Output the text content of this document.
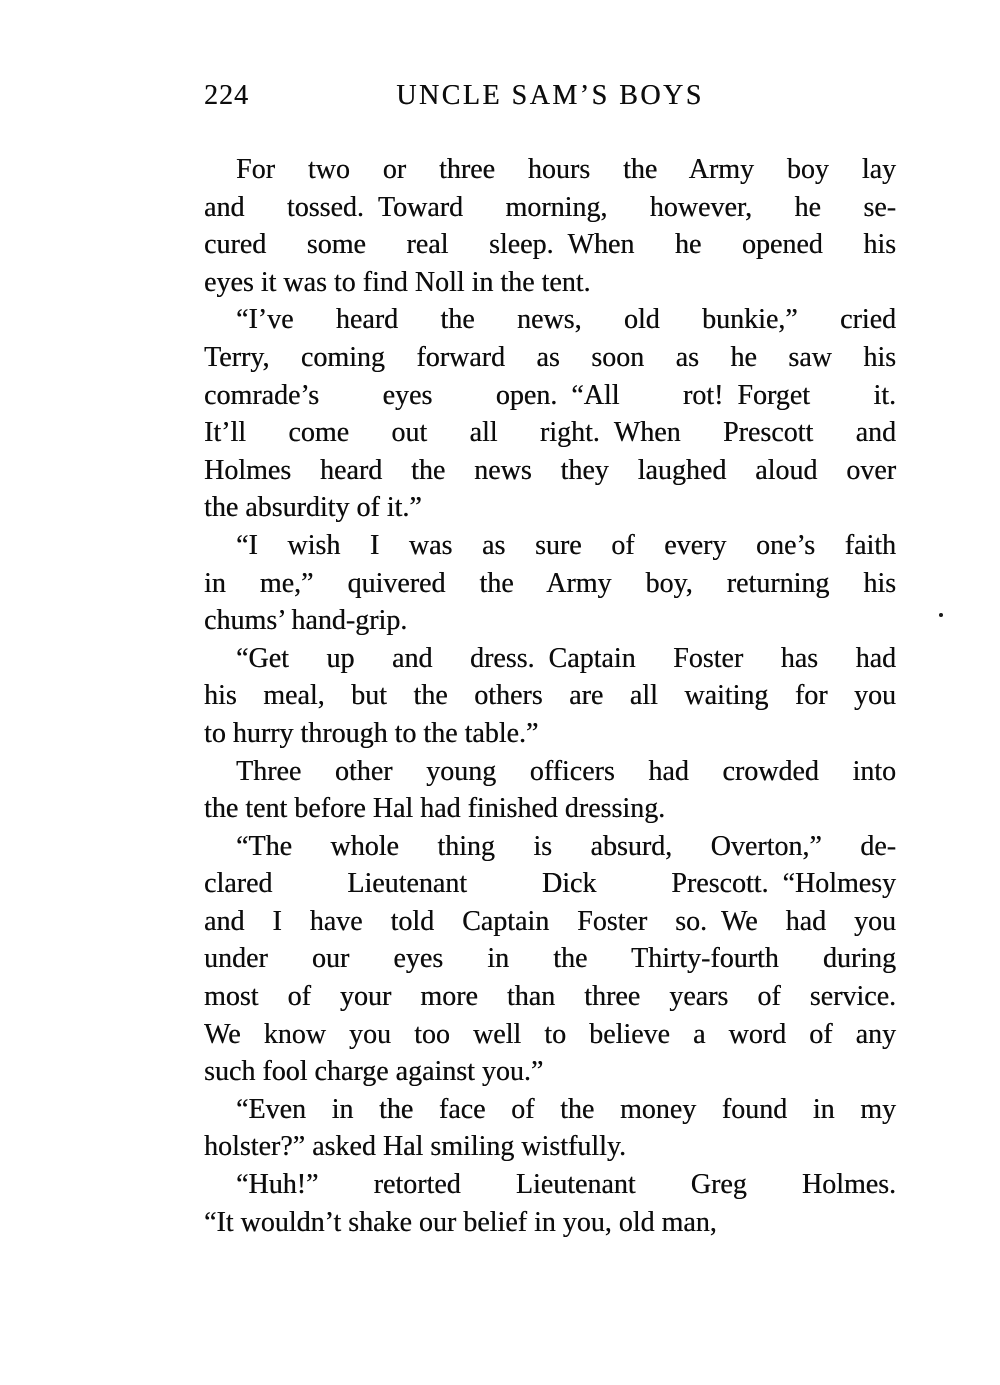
224	UNCLE SAM’S BOYS
For two or three hours the Army boy lay
and tossed. Toward morning, however, he se-
cured some real sleep. When he opened his
eyes it was to find Noll in the tent.
“I’ve heard the news, old bunkie,” cried
Terry, coming forward as soon as he saw his
comrade’s eyes open. “All rot! Forget it.
It’ll come out all right. When Prescott and
Holmes heard the news they laughed aloud over
the absurdity of it.”
“I wish I was as sure of every one’s faith
in me,” quivered the Army boy, returning his
chums’ hand-grip.
“Get up and dress. Captain Foster has had
his meal, but the others are all waiting for you
to hurry through to the table.”
Three other young officers had crowded into
the tent before Hal had finished dressing.
“The whole thing is absurd, Overton,” de-
clared Lieutenant Dick Prescott. “Holmesy
and I have told Captain Foster so. We had you
under our eyes in the Thirty-fourth during
most of your more than three years of service.
We know you too well to believe a word of any
such fool charge against you.”
“Even in the face of the money found in my
holster?” asked Hal smiling wistfully.
“Huh!” retorted Lieutenant Greg Holmes.
“It wouldn’t shake our belief in you, old man,
